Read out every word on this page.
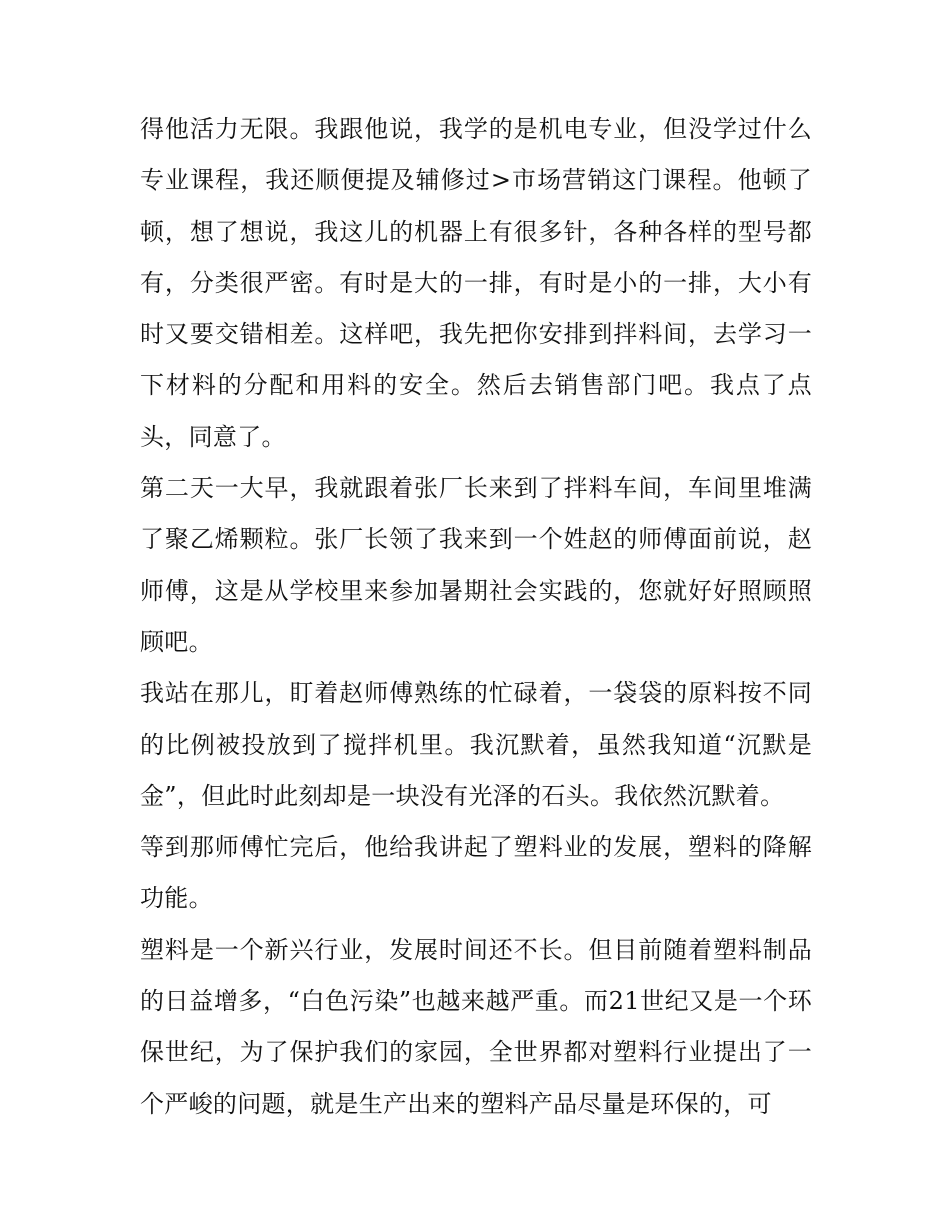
得他活力无限。我跟他说，我学的是机电专业，但没学过什么专业课程，我还顺便提及辅修过>市场营销这门课程。他顿了顿，想了想说，我这儿的机器上有很多针，各种各样的型号都有，分类很严密。有时是大的一排，有时是小的一排，大小有时又要交错相差。这样吧，我先把你安排到拌料间，去学习一下材料的分配和用料的安全。然后去销售部门吧。我点了点头，同意了。

第二天一大早，我就跟着张厂长来到了拌料车间，车间里堆满了聚乙烯颗粒。张厂长领了我来到一个姓赵的师傅面前说，赵师傅，这是从学校里来参加暑期社会实践的，您就好好照顾照顾吧。

我站在那儿，盯着赵师傅熟练的忙碌着，一袋袋的原料按不同的比例被投放到了搅拌机里。我沉默着，虽然我知道“沉默是金”，但此时此刻却是一块没有光泽的石头。我依然沉默着。

等到那师傅忙完后，他给我讲起了塑料业的发展，塑料的降解功能。

塑料是一个新兴行业，发展时间还不长。但目前随着塑料制品的日益增多，“白色污染”也越来越严重。而21世纪又是一个环保世纪，为了保护我们的家园，全世界都对塑料行业提出了一个严峻的问题，就是生产出来的塑料产品尽量是环保的，可
